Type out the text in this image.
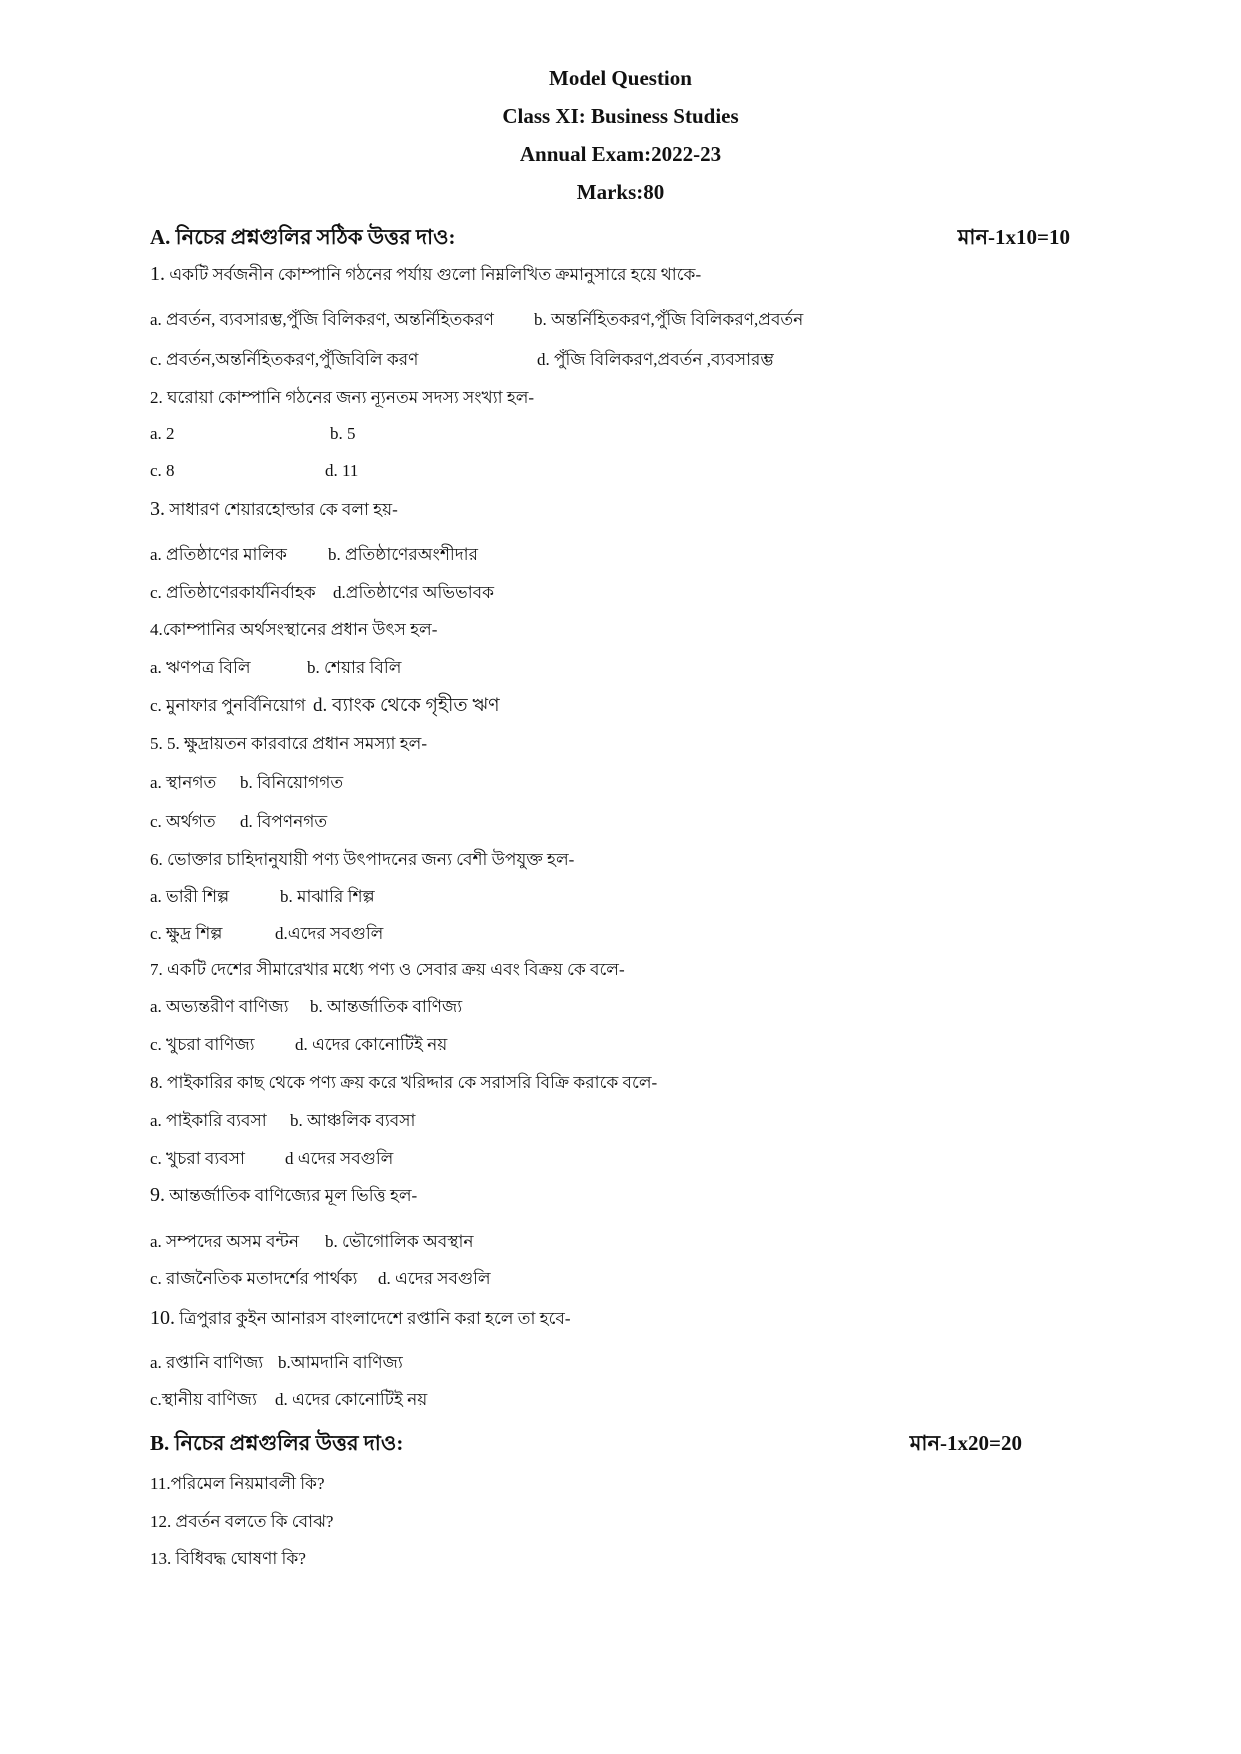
Model Question
Class XI: Business Studies
Annual Exam:2022-23
Marks:80
A. নিচের প্রশ্নগুলির সঠিক উত্তর দাও:	মান-1x10=10
1. একটি সর্বজনীন কোম্পানি গঠনের পর্যায় গুলো নিম্নলিখিত ক্রমানুসারে হয়ে থাকে-
a. প্রবর্তন, ব্যবসারম্ভ,পুঁজি বিলিকরণ, অন্তর্নিহিতকরণ b. অন্তর্নিহিতকরণ,পুঁজি বিলিকরণ,প্রবর্তন
c. প্রবর্তন,অন্তর্নিহিতকরণ,পুঁজিবিলি করণ	d. পুঁজি বিলিকরণ,প্রবর্তন ,ব্যবসারম্ভ
2. ঘরোয়া কোম্পানি গঠনের জন্য ন্যূনতম সদস্য সংখ্যা হল-
a. 2	b. 5
c. 8	d. 11
3. সাধারণ শেয়ারহোল্ডার কে বলা হয়-
a. প্রতিষ্ঠাণের মালিক b. প্রতিষ্ঠাণেরঅংশীদার
c. প্রতিষ্ঠাণেরকার্যনির্বাহক d.প্রতিষ্ঠাণের অভিভাবক
4.কোম্পানির অর্থসংস্থানের প্রধান উৎস হল-
a. ঋণপত্র বিলি	b. শেয়ার বিলি
c. মুনাফার পুনর্বিনিয়োগ d. ব্যাংক থেকে গৃহীত ঋণ
5. 5. ক্ষুদ্রায়তন কারবারে প্রধান সমস্যা হল-
a. স্থানগত b. বিনিয়োগগত
c. অর্থগত d. বিপণনগত
6. ভোক্তার চাহিদানুযায়ী পণ্য উৎপাদনের জন্য বেশী উপযুক্ত হল-
a. ভারী শিল্প	b. মাঝারি শিল্প
c. ক্ষুদ্র শিল্প	d.এদের সবগুলি
7. একটি দেশের সীমারেখার মধ্যে পণ্য ও সেবার ক্রয় এবং বিক্রয় কে বলে-
a. অভ্যন্তরীণ বাণিজ্য b. আন্তর্জাতিক বাণিজ্য
c. খুচরা বাণিজ্য d. এদের কোনোটিই নয়
8. পাইকারির কাছ থেকে পণ্য ক্রয় করে খরিদ্দার কে সরাসরি বিক্রি করাকে বলে-
a. পাইকারি ব্যবসা b. আঞ্চলিক ব্যবসা
c. খুচরা ব্যবসা d এদের সবগুলি
9. আন্তর্জাতিক বাণিজ্যের মূল ভিত্তি হল-
a. সম্পদের অসম বন্টন b. ভৌগোলিক অবস্থান
c. রাজনৈতিক মতাদর্শের পার্থক্য d. এদের সবগুলি
10. ত্রিপুরার কুইন আনারস বাংলাদেশে রপ্তানি করা হলে তা হবে-
a. রপ্তানি বাণিজ্য b.আমদানি বাণিজ্য
c.স্থানীয় বাণিজ্য d. এদের কোনোটিই নয়
B. নিচের প্রশ্নগুলির উত্তর দাও:	মান-1x20=20
11.পরিমেল নিয়মাবলী কি?
12. প্রবর্তন বলতে কি বোঝ?
13. বিধিবদ্ধ ঘোষণা কি?
